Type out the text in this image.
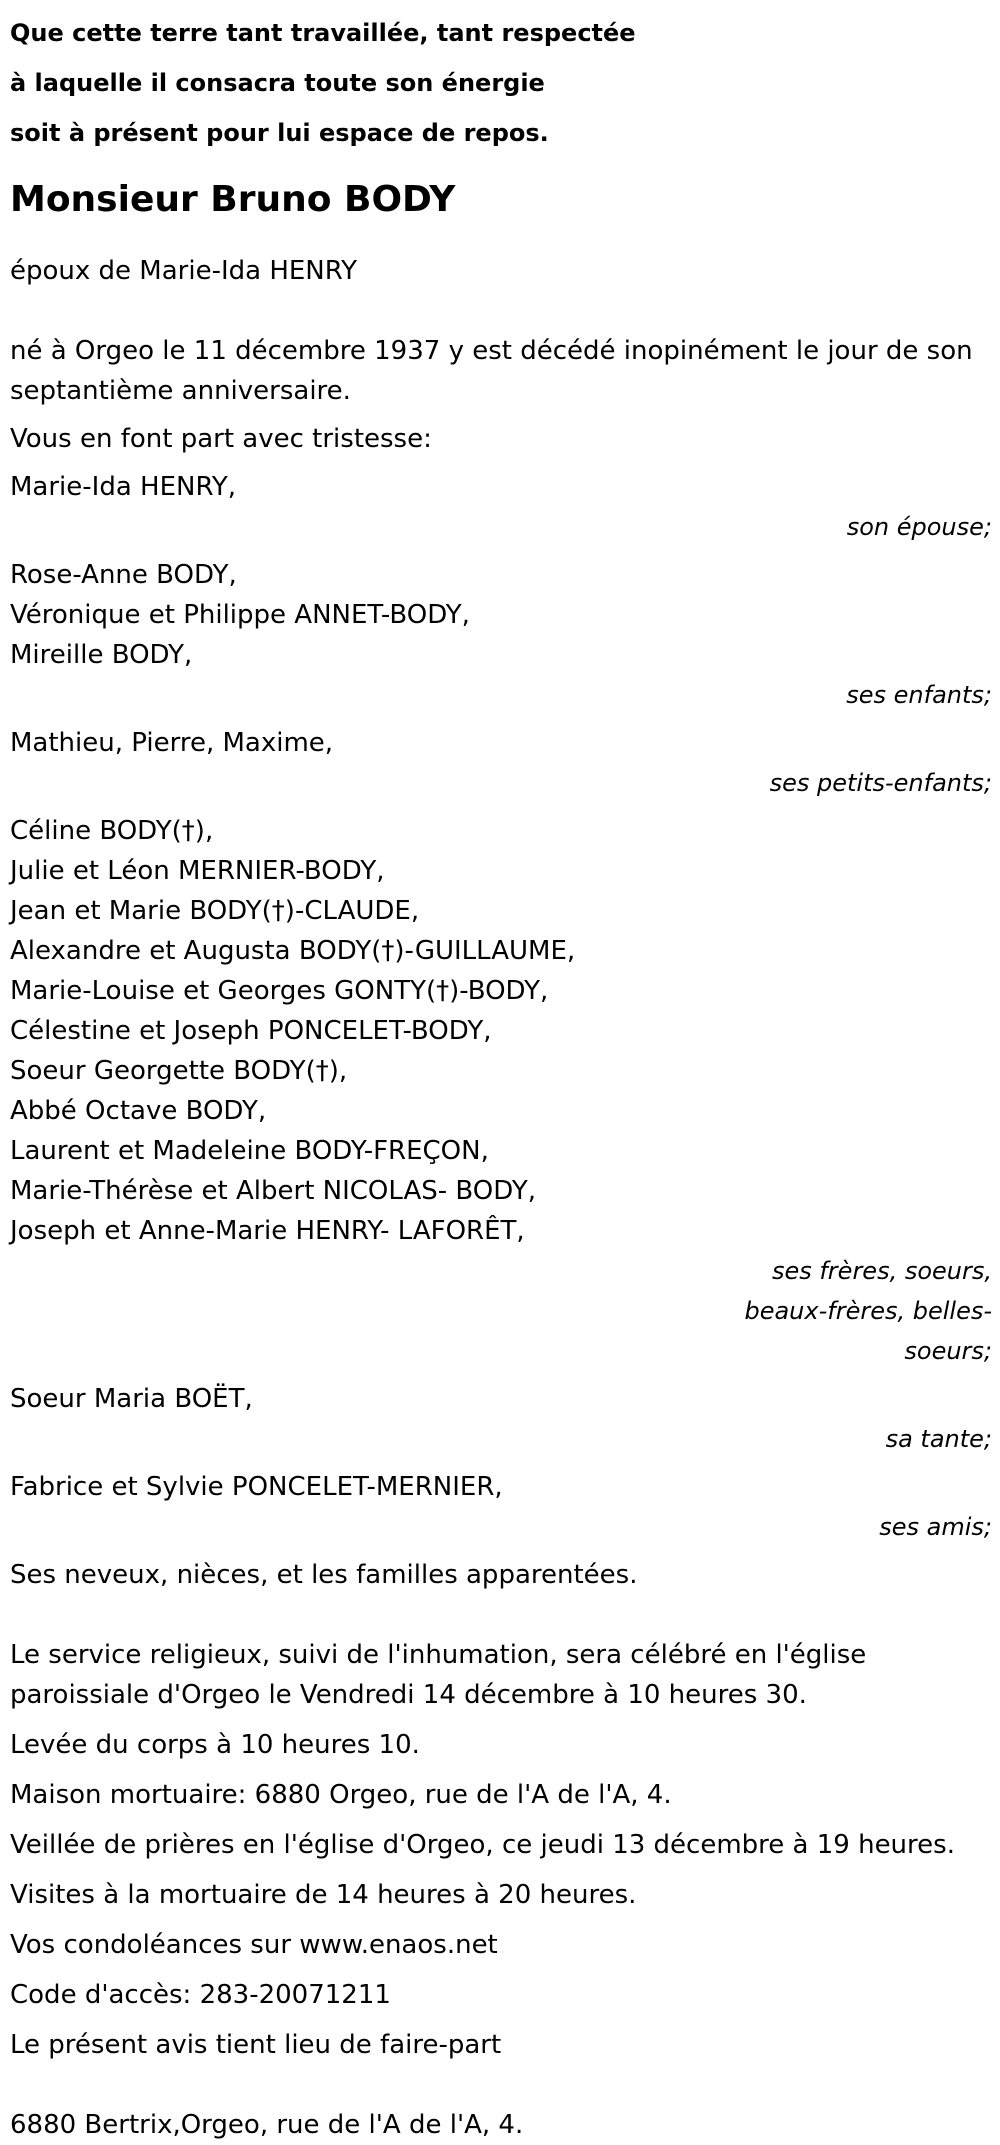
Que cette terre tant travaillée, tant respectée
à laquelle il consacra toute son énergie
soit à présent pour lui espace de repos.
Monsieur Bruno BODY
époux de Marie-Ida HENRY
né à Orgeo le 11 décembre 1937 y est décédé inopinément le jour de son septantième anniversaire.
Vous en font part avec tristesse:
Marie-Ida HENRY,
son épouse;
Rose-Anne BODY,
Véronique et Philippe ANNET-BODY,
Mireille BODY,
ses enfants;
Mathieu, Pierre, Maxime,
ses petits-enfants;
Céline BODY(†),
Julie et Léon MERNIER-BODY,
Jean et Marie BODY(†)-CLAUDE,
Alexandre et Augusta BODY(†)-GUILLAUME,
Marie-Louise et Georges GONTY(†)-BODY,
Célestine et Joseph PONCELET-BODY,
Soeur Georgette BODY(†),
Abbé Octave BODY,
Laurent et Madeleine BODY-FREÇON,
Marie-Thérèse et Albert NICOLAS- BODY,
Joseph et Anne-Marie HENRY- LAFORÊT,
ses frères, soeurs, beaux-frères, belles-soeurs;
Soeur Maria BOËT,
sa tante;
Fabrice et Sylvie PONCELET-MERNIER,
ses amis;
Ses neveux, nièces, et les familles apparentées.
Le service religieux, suivi de l'inhumation, sera célébré en l'église paroissiale d'Orgeo le Vendredi 14 décembre à 10 heures 30.
Levée du corps à 10 heures 10.
Maison mortuaire: 6880 Orgeo, rue de l'A de l'A, 4.
Veillée de prières en l'église d'Orgeo, ce jeudi 13 décembre à 19 heures.
Visites à la mortuaire de 14 heures à 20 heures.
Vos condoléances sur www.enaos.net
Code d'accès: 283-20071211
Le présent avis tient lieu de faire-part
6880 Bertrix,Orgeo, rue de l'A de l'A, 4.
